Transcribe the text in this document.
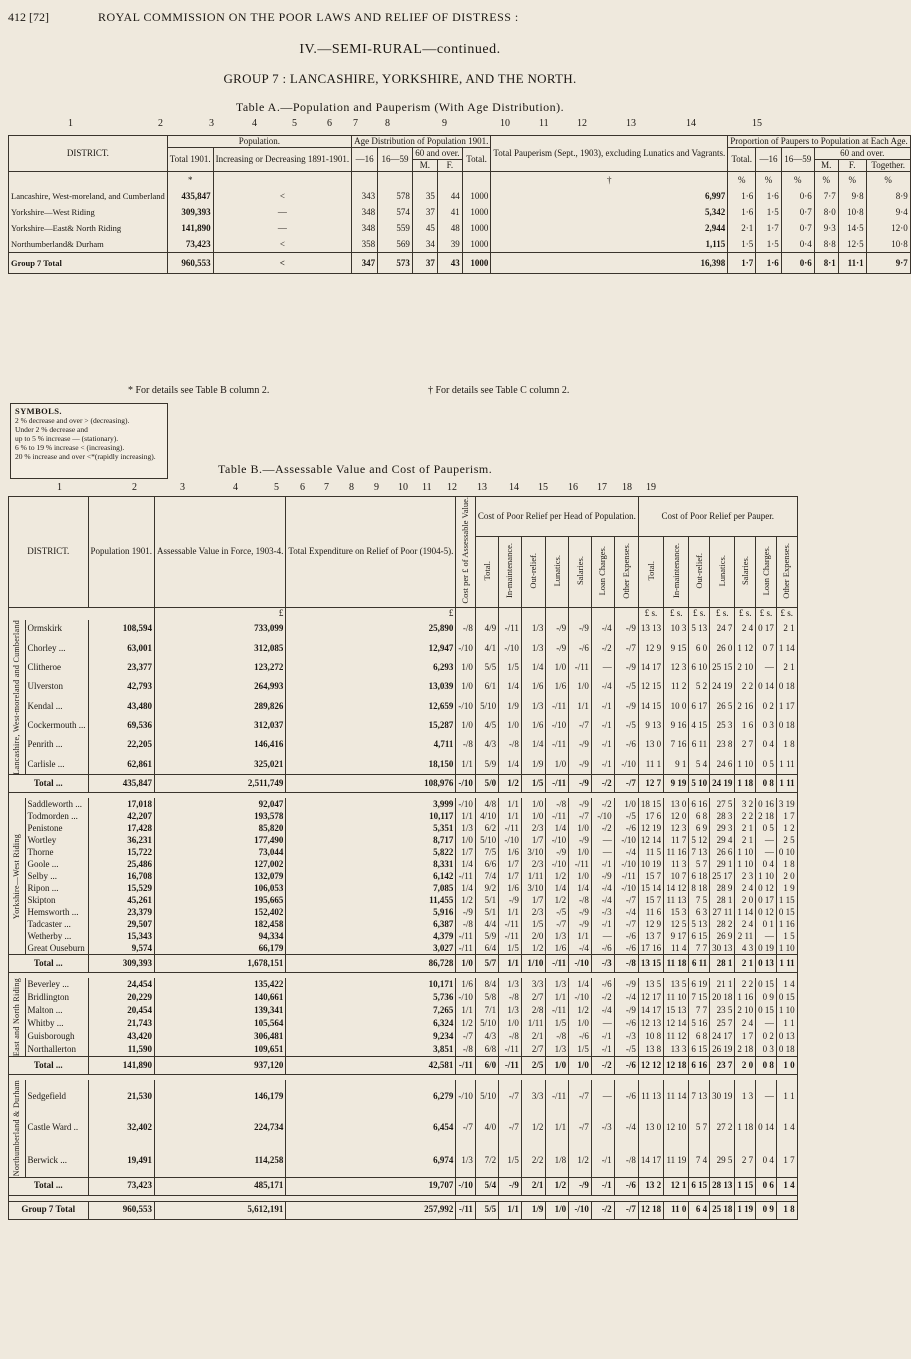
412 [72]	ROYAL COMMISSION ON THE POOR LAWS AND RELIEF OF DISTRESS :
IV.—SEMI-RURAL—continued.
GROUP 7 : LANCASHIRE, YORKSHIRE, AND THE NORTH.
Table A.—Population and Pauperism (With Age Distribution).
1	2	3	4	5	6 7	8	9	10	11	12	13	14	15
DISTRICT.	Population.		Age Distribution of Population 1901.					Total Pauperism (Sept., 1903), excluding Lunatics and Vagrants.	Proportion of Paupers to Population at Each Age.					
	Total 1901.	Increasing or Decreasing 1891-1901.	—16	16—59	60 and over.		Total.		Total.	—16	16—59	60 and over.		
					M.	F.						M.	F.	Together.
	*							†	%	%	%	%	%	%
Lancashire, West-moreland, and Cumberland	435,847	<	343	578	35	44	1000	6,997	1·6	1·6	0·6	7·7	9·8	8·9
Yorkshire—West Riding	309,393	—	348	574	37	41	1000	5,342	1·6	1·5	0·7	8·0	10·8	9·4
Yorkshire—East& North Riding	141,890	—	348	559	45	48	1000	2,944	2·1	1·7	0·7	9·3	14·5	12·0
Northumberland& Durham	73,423	<	358	569	34	39	1000	1,115	1·5	1·5	0·4	8·8	12·5	10·8
Group 7 Total	960,553	<	347	573	37	43	1000	16,398	1·7	1·6	0·6	8·1	11·1	9·7
* For details see Table B column 2.	† For details see Table C column 2.
SYMBOLS.
2 % decrease and over > (decreasing).
Under 2 % decrease and
up to 5 % increase — (stationary).
6 % to 19 % increase < (increasing).
20 % increase and over <*(rapidly increasing).
Table B.—Assessable Value and Cost of Pauperism.
1	2	3	4	5 6 7 8 9 10 11 12 13 14 15 16 17 18 19
DISTRICT.		Population 1901.	Assessable Value in Force, 1903-4.	Total Expenditure on Relief of Poor (1904-5).	Cost per £ of Assessable Value.	Cost of Poor Relief per Head of Population.							Cost of Poor Relief per Pauper.						
						Total.	In-maintenance.	Out-relief.	Lunatics.	Salaries.	Loan Charges.	Other Expenses.	Total.	In-maintenance.	Out-relief.	Lunatics.	Salaries.	Loan Charges.	Other Expenses.
			£	£									£ s.	£ s.	£ s.	£ s.	£ s.	£ s.	£ s.

Lancashire, West-moreland and Cumberland	Ormskirk	108,594	733,099	25,890	-/8	4/9	-/11	1/3	-/9	-/9	-/4	-/9	13 13	10 3	5 13	24 7	2 4	0 17	2 1
	Chorley ...	63,001	312,085	12,947	-/10	4/1	-/10	1/3	-/9	-/6	-/2	-/7	12 9	9 15	6 0	26 0	1 12	0 7	1 14
	Clitheroe	23,377	123,272	6,293	1/0	5/5	1/5	1/4	1/0	-/11	—	-/9	14 17	12 3	6 10	25 15	2 10	—	2 1
	Ulverston	42,793	264,993	13,039	1/0	6/1	1/4	1/6	1/6	1/0	-/4	-/5	12 15	11 2	5 2	24 19	2 2	0 14	0 18
	Kendal ...	43,480	289,826	12,659	-/10	5/10	1/9	1/3	-/11	1/1	-/1	-/9	14 15	10 0	6 17	26 5	2 16	0 2	1 17
	Cockermouth ...	69,536	312,037	15,287	1/0	4/5	1/0	1/6	-/10	-/7	-/1	-/5	9 13	9 16	4 15	25 3	1 6	0 3	0 18
	Penrith ...	22,205	146,416	4,711	-/8	4/3	-/8	1/4	-/11	-/9	-/1	-/6	13 0	7 16	6 11	23 8	2 7	0 4	1 8
	Carlisle ...	62,861	325,021	18,150	1/1	5/9	1/4	1/9	1/0	-/9	-/1	-/10	11 1	9 1	5 4	24 6	1 10	0 5	1 11
Total ...		435,847	2,511,749	108,976	-/10	5/0	1/2	1/5	-/11	-/9	-/2	-/7	12 7	9 19	5 10	24 19	1 18	0 8	1 11

Yorkshire—West Riding	Saddleworth ...	17,018	92,047	3,999	-/10	4/8	1/1	1/0	-/8	-/9	-/2	1/0	18 15	13 0	6 16	27 5	3 2	0 16	3 19
	Todmorden ...	42,207	193,578	10,117	1/1	4/10	1/1	1/0	-/11	-/7	-/10	-/5	17 6	12 0	6 8	28 3	2 2	2 18	1 7
	Penistone	17,428	85,820	5,351	1/3	6/2	-/11	2/3	1/4	1/0	-/2	-/6	12 19	12 3	6 9	29 3	2 1	0 5	1 2
	Wortley	36,231	177,490	8,717	1/0	5/10	-/10	1/7	-/10	-/9	—	-/10	12 14	11 7	5 12	29 4	2 1	—	2 5
	Thorne	15,722	73,044	5,822	1/7	7/5	1/6	3/10	-/9	1/0	—	-/4	11 5	11 16	7 13	26 6	1 10	—	0 10
	Goole ...	25,486	127,002	8,331	1/4	6/6	1/7	2/3	-/10	-/11	-/1	-/10	10 19	11 3	5 7	29 1	1 10	0 4	1 8
	Selby ...	16,708	132,079	6,142	-/11	7/4	1/7	1/11	1/2	1/0	-/9	-/11	15 7	10 7	6 18	25 17	2 3	1 10	2 0
	Ripon ...	15,529	106,053	7,085	1/4	9/2	1/6	3/10	1/4	1/4	-/4	-/10	15 14	14 12	8 18	28 9	2 4	0 12	1 9
	Skipton	45,261	195,665	11,455	1/2	5/1	-/9	1/7	1/2	-/8	-/4	-/7	15 7	11 13	7 5	28 1	2 0	0 17	1 15
	Hemsworth ...	23,379	152,402	5,916	-/9	5/1	1/1	2/3	-/5	-/9	-/3	-/4	11 6	15 3	6 3	27 11	1 14	0 12	0 15
	Tadcaster ...	29,507	182,458	6,387	-/8	4/4	-/11	1/5	-/7	-/9	-/1	-/7	12 9	12 5	5 13	28 2	2 4	0 1	1 16
	Wetherby ...	15,343	94,334	4,379	-/11	5/9	-/11	2/0	1/3	1/1	—	-/6	13 7	9 17	6 15	26 9	2 11	—	1 5
	Great Ouseburn	9,574	66,179	3,027	-/11	6/4	1/5	1/2	1/6	-/4	-/6	-/6	17 16	11 4	7 7	30 13	4 3	0 19	1 10
Total ...		309,393	1,678,151	86,728	1/0	5/7	1/1	1/10	-/11	-/10	-/3	-/8	13 15	11 18	6 11	28 1	2 1	0 13	1 11

East and North Riding	Beverley ...	24,454	135,422	10,171	1/6	8/4	1/3	3/3	1/3	1/4	-/6	-/9	13 5	13 5	6 19	21 1	2 2	0 15	1 4
	Bridlington	20,229	140,661	5,736	-/10	5/8	-/8	2/7	1/1	-/10	-/2	-/4	12 17	11 10	7 15	20 18	1 16	0 9	0 15
	Malton ...	20,454	139,341	7,265	1/1	7/1	1/3	2/8	-/11	1/2	-/4	-/9	14 17	15 13	7 7	23 5	2 10	0 15	1 10
	Whitby ...	21,743	105,564	6,324	1/2	5/10	1/0	1/11	1/5	1/0	—	-/6	12 13	12 14	5 16	25 7	2 4	—	1 1
	Guisborough	43,420	306,481	9,234	-/7	4/3	-/8	2/1	-/8	-/6	-/1	-/3	10 8	11 12	6 8	24 17	1 7	0 2	0 13
	Northallerton	11,590	109,651	3,851	-/8	6/8	-/11	2/7	1/3	1/5	-/1	-/5	13 8	13 3	6 15	26 19	2 18	0 3	0 18
Total ...		141,890	937,120	42,581	-/11	6/0	-/11	2/5	1/0	1/0	-/2	-/6	12 12	12 18	6 16	23 7	2 0	0 8	1 0

Northumberland & Durham	Sedgefield	21,530	146,179	6,279	-/10	5/10	-/7	3/3	-/11	-/7	—	-/6	11 13	11 14	7 13	30 19	1 3	—	1 1
	Castle Ward ..	32,402	224,734	6,454	-/7	4/0	-/7	1/2	1/1	-/7	-/3	-/4	13 0	12 10	5 7	27 2	1 18	0 14	1 4
	Berwick ...	19,491	114,258	6,974	1/3	7/2	1/5	2/2	1/8	1/2	-/1	-/8	14 17	11 19	7 4	29 5	2 7	0 4	1 7
Total ...		73,423	485,171	19,707	-/10	5/4	-/9	2/1	1/2	-/9	-/1	-/6	13 2	12 1	6 15	28 13	1 15	0 6	1 4

Group 7 Total		960,553	5,612,191	257,992	-/11	5/5	1/1	1/9	1/0	-/10	-/2	-/7	12 18	11 0	6 4	25 18	1 19	0 9	1 8
